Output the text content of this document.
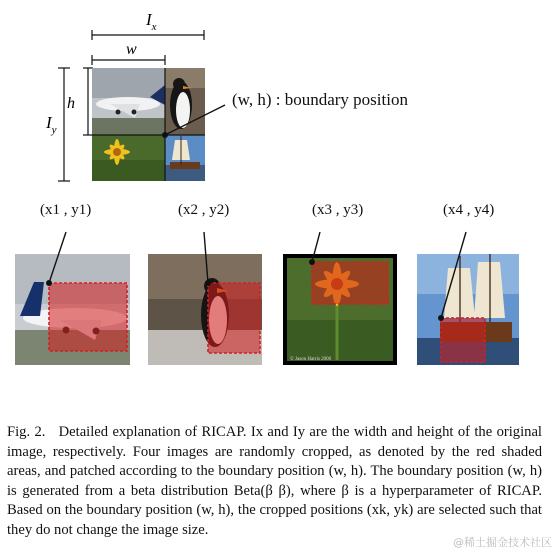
$I_x$
w
$I_y$
h
© Jason Harris 2006
(w, h) : boundary position
(x1 , y1)	(x2 , y2)	(x3 , y3)	(x4 , y4)

Fig. 2. Detailed explanation of RICAP. Ix and Iy are the width and height of the original image, respectively. Four images are randomly cropped, as denoted by the red shaded areas, and patched according to the boundary position (w, h). The boundary position (w, h) is generated from a beta distribution Beta(β β), where β is a hyperparameter of RICAP. Based on the boundary position (w, h), the cropped positions (xk, yk) are selected such that they do not change the image size.

@稀土掘金技术社区
